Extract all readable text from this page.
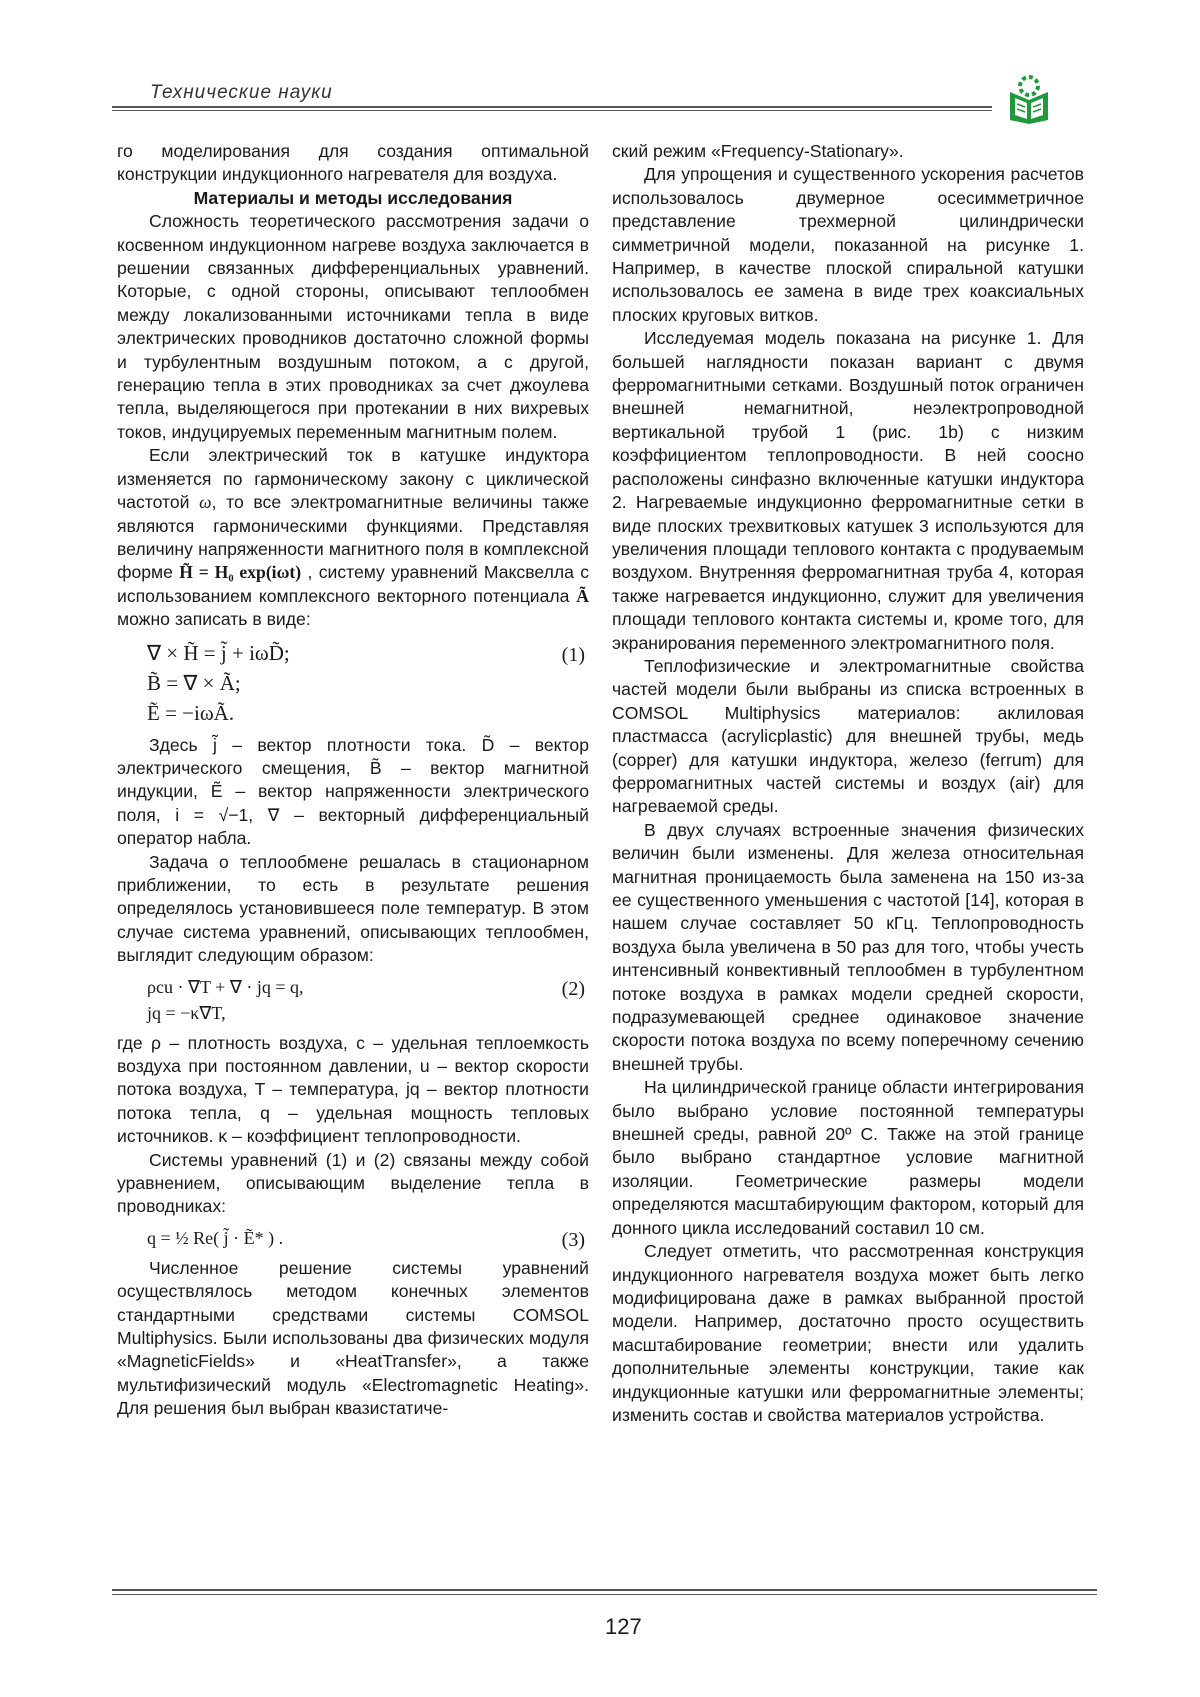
Технические науки

го моделирования для создания оптимальной конструкции индукционного нагревателя для воздуха.

Материалы и методы исследования

Сложность теоретического рассмотрения задачи о косвенном индукционном нагреве воздуха заключается в решении связанных дифференциальных уравнений. Которые, с одной стороны, описывают теплообмен между локализованными источниками тепла в виде электрических проводников достаточно сложной формы и турбулентным воздушным потоком, а с другой, генерацию тепла в этих проводниках за счет джоулева тепла, выделяющегося при протекании в них вихревых токов, индуцируемых переменным магнитным полем.

Если электрический ток в катушке индуктора изменяется по гармоническому закону с циклической частотой ω, то все электромагнитные величины также являются гармоническими функциями. Представляя величину напряженности магнитного поля в комплексной форме H̃ = H₀ exp(iωt) , систему уравнений Максвелла с использованием комплексного векторного потенциала Ã можно записать в виде:

∇ × H̃ = j̃ + iωD̃;
B̃ = ∇ × Ã;
Ẽ = −iωÃ.
(1)

Здесь j̃ – вектор плотности тока. D̃ – вектор электрического смещения, B̃ – вектор магнитной индукции, Ẽ – вектор напряженности электрического поля, i = √−1, ∇ – векторный дифференциальный оператор набла.

Задача о теплообмене решалась в стационарном приближении, то есть в результате решения определялось установившееся поле температур. В этом случае система уравнений, описывающих теплообмен, выглядит следующим образом:

ρcu · ∇T + ∇ · jq = q,
jq = −κ∇T,
(2)

где ρ – плотность воздуха, c – удельная теплоемкость воздуха при постоянном давлении, u – вектор скорости потока воздуха, T – температура, jq – вектор плотности потока тепла, q – удельная мощность тепловых источников. κ – коэффициент теплопроводности.

Системы уравнений (1) и (2) связаны между собой уравнением, описывающим выделение тепла в проводниках:

q = ½ Re( j̃ · Ẽ* ) .	(3)

Численное решение системы уравнений осуществлялось методом конечных элементов стандартными средствами системы COMSOL Multiphysics. Были использованы два физических модуля «MagneticFields» и «HeatTransfer», а также мультифизический модуль «Electromagnetic Heating». Для решения был выбран квазистатиче-

ский режим «Frequency-Stationary».

Для упрощения и существенного ускорения расчетов использовалось двумерное осесимметричное представление трехмерной цилиндрически симметричной модели, показанной на рисунке 1. Например, в качестве плоской спиральной катушки использовалось ее замена в виде трех коаксиальных плоских круговых витков.

Исследуемая модель показана на рисунке 1. Для большей наглядности показан вариант с двумя ферромагнитными сетками. Воздушный поток ограничен внешней немагнитной, неэлектропроводной вертикальной трубой 1 (рис. 1b) с низким коэффициентом теплопроводности. В ней соосно расположены синфазно включенные катушки индуктора 2. Нагреваемые индукционно ферромагнитные сетки в виде плоских трехвитковых катушек 3 используются для увеличения площади теплового контакта с продуваемым воздухом. Внутренняя ферромагнитная труба 4, которая также нагревается индукционно, служит для увеличения площади теплового контакта системы и, кроме того, для экранирования переменного электромагнитного поля.

Теплофизические и электромагнитные свойства частей модели были выбраны из списка встроенных в COMSOL Multiphysics материалов: аклиловая пластмасса (acrylicplastic) для внешней трубы, медь (copper) для катушки индуктора, железо (ferrum) для ферромагнитных частей системы и воздух (air) для нагреваемой среды.

В двух случаях встроенные значения физических величин были изменены. Для железа относительная магнитная проницаемость была заменена на 150 из-за ее существенного уменьшения с частотой [14], которая в нашем случае составляет 50 кГц. Теплопроводность воздуха была увеличена в 50 раз для того, чтобы учесть интенсивный конвективный теплообмен в турбулентном потоке воздуха в рамках модели средней скорости, подразумевающей среднее одинаковое значение скорости потока воздуха по всему поперечному сечению внешней трубы.

На цилиндрической границе области интегрирования было выбрано условие постоянной температуры внешней среды, равной 20º С. Также на этой границе было выбрано стандартное условие магнитной изоляции. Геометрические размеры модели определяются масштабирующим фактором, который для донного цикла исследований составил 10 см.

Следует отметить, что рассмотренная конструкция индукционного нагревателя воздуха может быть легко модифицирована даже в рамках выбранной простой модели. Например, достаточно просто осуществить масштабирование геометрии; внести или удалить дополнительные элементы конструкции, такие как индукционные катушки или ферромагнитные элементы; изменить состав и свойства материалов устройства.

127
